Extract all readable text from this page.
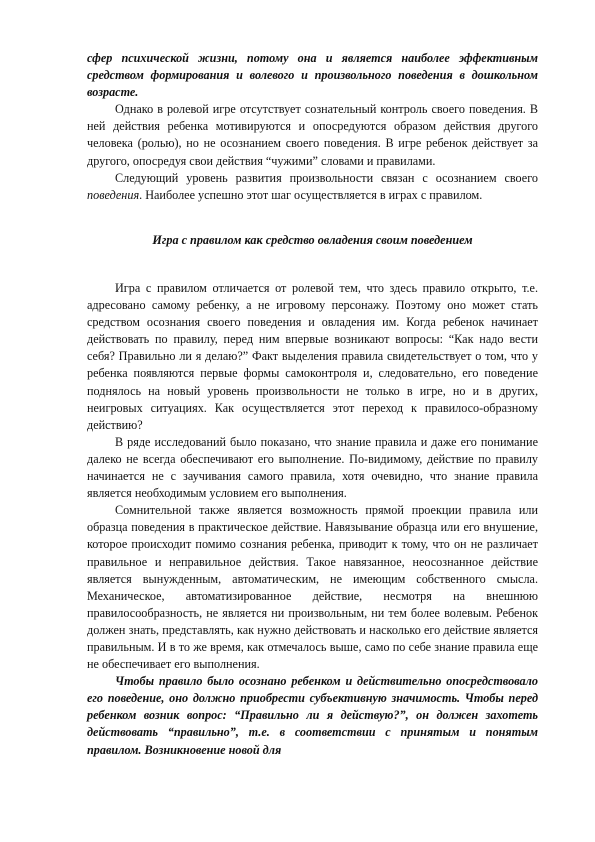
сфер психической жизни, потому она и является наиболее эффективным средством формирования и волевого и произвольного поведения в дошкольном возрасте.

Однако в ролевой игре отсутствует сознательный контроль своего поведения. В ней действия ребенка мотивируются и опосредуются образом действия другого человека (ролью), но не осознанием своего поведения. В игре ребенок действует за другого, опосредуя свои действия “чужими” словами и правилами.

Следующий уровень развития произвольности связан с осознанием своего поведения. Наиболее успешно этот шаг осуществляется в играх с правилом.

Игра с правилом как средство овладения своим поведением

Игра с правилом отличается от ролевой тем, что здесь правило открыто, т.е. адресовано самому ребенку, а не игровому персонажу. Поэтому оно может стать средством осознания своего поведения и овладения им. Когда ребенок начинает действовать по правилу, перед ним впервые возникают вопросы: “Как надо вести себя? Правильно ли я делаю?” Факт выделения правила свидетельствует о том, что у ребенка появляются первые формы самоконтроля и, следовательно, его поведение поднялось на новый уровень произвольности не только в игре, но и в других, неигровых ситуациях. Как осуществляется этот переход к правилосо-образному действию?

В ряде исследований было показано, что знание правила и даже его понимание далеко не всегда обеспечивают его выполнение. По-видимому, действие по правилу начинается не с заучивания самого правила, хотя очевидно, что знание правила является необходимым условием его выполнения.

Сомнительной также является возможность прямой проекции правила или образца поведения в практическое действие. Навязывание образца или его внушение, которое происходит помимо сознания ребенка, приводит к тому, что он не различает правильное и неправильное действия. Такое навязанное, неосознанное действие является вынужденным, автоматическим, не имеющим собственного смысла. Механическое, автоматизированное действие, несмотря на внешнюю правилосообразность, не является ни произвольным, ни тем более волевым. Ребенок должен знать, представлять, как нужно действовать и насколько его действие является правильным. И в то же время, как отмечалось выше, само по себе знание правила еще не обеспечивает его выполнения.

Чтобы правило было осознано ребенком и действительно опосредствовало его поведение, оно должно приобрести субъективную значимость. Чтобы перед ребенком возник вопрос: “Правильно ли я действую?”, он должен захотеть действовать “правильно”, т.е. в соответствии с принятым и понятым правилом. Возникновение новой для
